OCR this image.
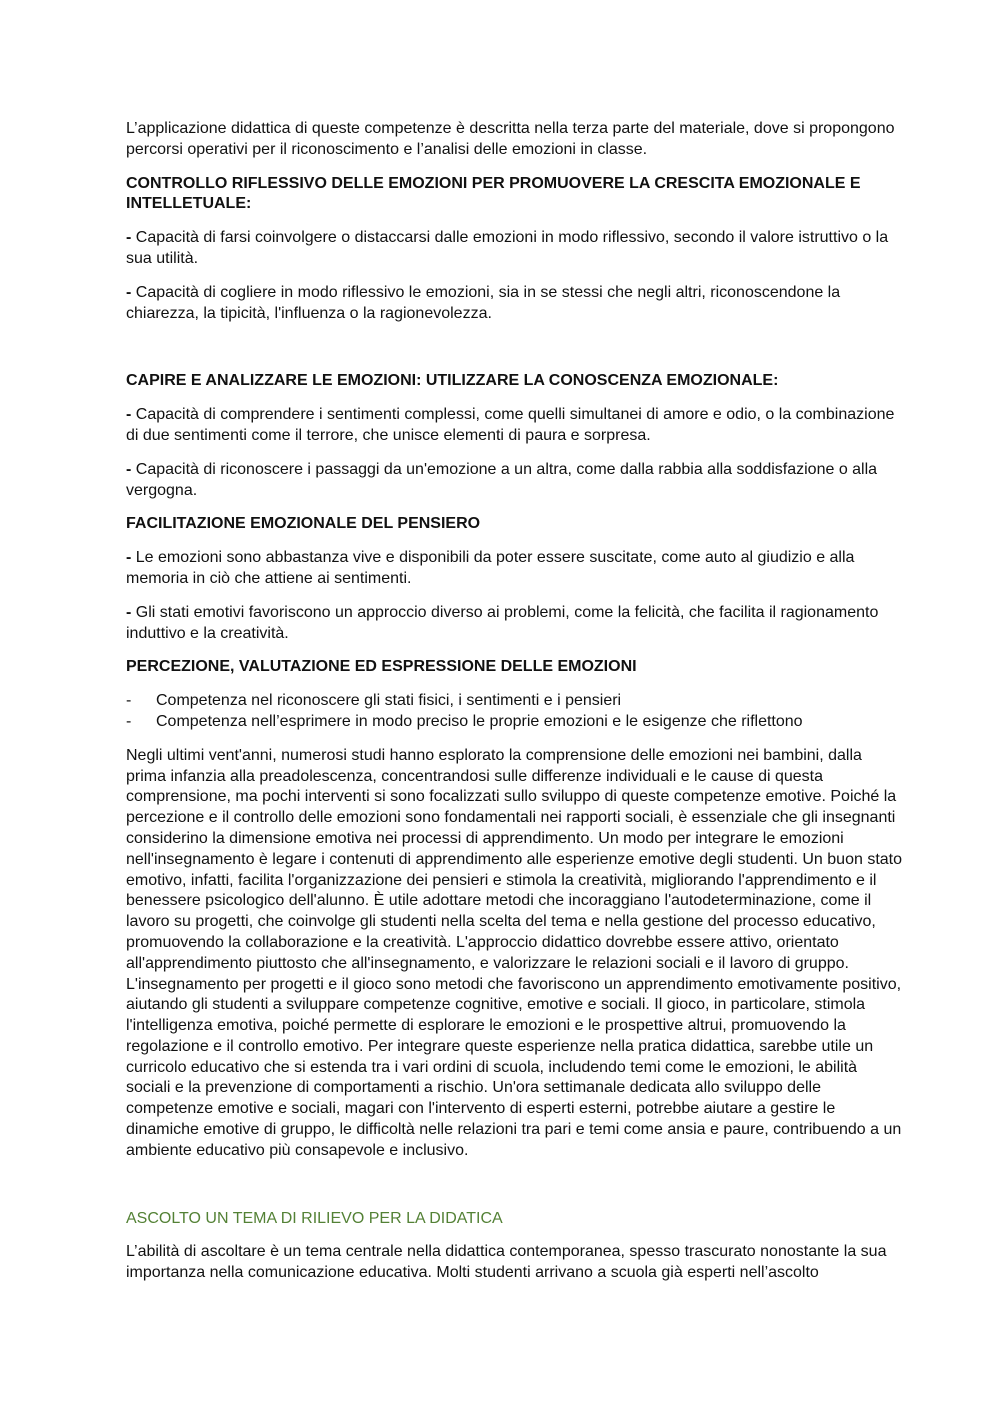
L’applicazione didattica di queste competenze è descritta nella terza parte del materiale, dove si propongono percorsi operativi per il riconoscimento e l’analisi delle emozioni in classe.

CONTROLLO RIFLESSIVO DELLE EMOZIONI PER PROMUOVERE LA CRESCITA EMOZIONALE E INTELLETUALE:

- Capacità di farsi coinvolgere o distaccarsi dalle emozioni in modo riflessivo, secondo il valore istruttivo o la sua utilità.

- Capacità di cogliere in modo riflessivo le emozioni, sia in se stessi che negli altri, riconoscendone la chiarezza, la tipicità, l'influenza o la ragionevolezza.

CAPIRE E ANALIZZARE LE EMOZIONI: UTILIZZARE LA CONOSCENZA EMOZIONALE:

- Capacità di comprendere i sentimenti complessi, come quelli simultanei di amore e odio, o la combinazione di due sentimenti come il terrore, che unisce elementi di paura e sorpresa.

- Capacità di riconoscere i passaggi da un'emozione a un altra, come dalla rabbia alla soddisfazione o alla vergogna.

FACILITAZIONE EMOZIONALE DEL PENSIERO

- Le emozioni sono abbastanza vive e disponibili da poter essere suscitate, come auto al giudizio e alla memoria in ciò che attiene ai sentimenti.

- Gli stati emotivi favoriscono un approccio diverso ai problemi, come la felicità, che facilita il ragionamento induttivo e la creatività.

PERCEZIONE, VALUTAZIONE ED ESPRESSIONE DELLE EMOZIONI

- Competenza nel riconoscere gli stati fisici, i sentimenti e i pensieri
- Competenza nell’esprimere in modo preciso le proprie emozioni e le esigenze che riflettono

Negli ultimi vent'anni, numerosi studi hanno esplorato la comprensione delle emozioni nei bambini, dalla prima infanzia alla preadolescenza, concentrandosi sulle differenze individuali e le cause di questa comprensione, ma pochi interventi si sono focalizzati sullo sviluppo di queste competenze emotive. Poiché la percezione e il controllo delle emozioni sono fondamentali nei rapporti sociali, è essenziale che gli insegnanti considerino la dimensione emotiva nei processi di apprendimento. Un modo per integrare le emozioni nell'insegnamento è legare i contenuti di apprendimento alle esperienze emotive degli studenti. Un buon stato emotivo, infatti, facilita l'organizzazione dei pensieri e stimola la creatività, migliorando l'apprendimento e il benessere psicologico dell'alunno. È utile adottare metodi che incoraggiano l'autodeterminazione, come il lavoro su progetti, che coinvolge gli studenti nella scelta del tema e nella gestione del processo educativo, promuovendo la collaborazione e la creatività. L'approccio didattico dovrebbe essere attivo, orientato all'apprendimento piuttosto che all'insegnamento, e valorizzare le relazioni sociali e il lavoro di gruppo. L'insegnamento per progetti e il gioco sono metodi che favoriscono un apprendimento emotivamente positivo, aiutando gli studenti a sviluppare competenze cognitive, emotive e sociali. Il gioco, in particolare, stimola l'intelligenza emotiva, poiché permette di esplorare le emozioni e le prospettive altrui, promuovendo la regolazione e il controllo emotivo. Per integrare queste esperienze nella pratica didattica, sarebbe utile un curricolo educativo che si estenda tra i vari ordini di scuola, includendo temi come le emozioni, le abilità sociali e la prevenzione di comportamenti a rischio. Un'ora settimanale dedicata allo sviluppo delle competenze emotive e sociali, magari con l'intervento di esperti esterni, potrebbe aiutare a gestire le dinamiche emotive di gruppo, le difficoltà nelle relazioni tra pari e temi come ansia e paure, contribuendo a un ambiente educativo più consapevole e inclusivo.

ASCOLTO UN TEMA DI RILIEVO PER LA DIDATICA

L’abilità di ascoltare è un tema centrale nella didattica contemporanea, spesso trascurato nonostante la sua importanza nella comunicazione educativa. Molti studenti arrivano a scuola già esperti nell’ascolto
